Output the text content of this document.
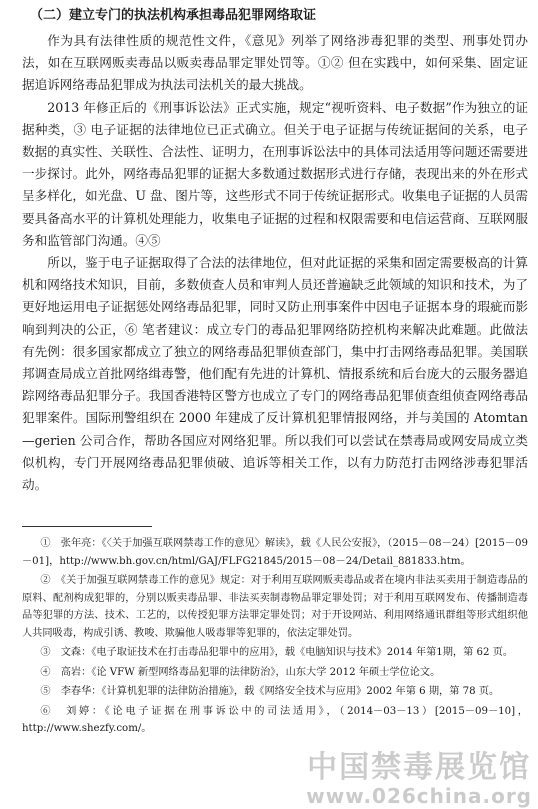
（二）建立专门的执法机构承担毒品犯罪网络取证

作为具有法律性质的规范性文件，《意见》列举了网络涉毒犯罪的类型、刑事处罚办法，如在互联网贩卖毒品以贩卖毒品罪定罪处罚等。①② 但在实践中，如何采集、固定证据追诉网络毒品犯罪成为执法司法机关的最大挑战。

2013 年修正后的《刑事诉讼法》正式实施，规定“视听资料、电子数据”作为独立的证据种类，③ 电子证据的法律地位已正式确立。但关于电子证据与传统证据间的关系，电子数据的真实性、关联性、合法性、证明力，在刑事诉讼法中的具体司法适用等问题还需要进一步探讨。此外，网络毒品犯罪的证据大多数通过数据形式进行存储，表现出来的外在形式呈多样化，如光盘、U 盘、图片等，这些形式不同于传统证据形式。收集电子证据的人员需要具备高水平的计算机处理能力，收集电子证据的过程和权限需要和电信运营商、互联网服务和监管部门沟通。④⑤

所以，鉴于电子证据取得了合法的法律地位，但对此证据的采集和固定需要极高的计算机和网络技术知识，目前，多数侦查人员和审判人员还普遍缺乏此领域的知识和技术，为了更好地运用电子证据惩处网络毒品犯罪，同时又防止刑事案件中因电子证据本身的瑕疵而影响到判决的公正，⑥ 笔者建议：成立专门的毒品犯罪网络防控机构来解决此难题。此做法有先例：很多国家都成立了独立的网络毒品犯罪侦查部门，集中打击网络毒品犯罪。美国联邦调查局成立首批网络缉毒警，他们配有先进的计算机、情报系统和后台庞大的云服务器追踪网络毒品犯罪分子。我国香港特区警方也成立了专门的网络毒品犯罪侦查组侦查网络毒品犯罪案件。国际刑警组织在 2000 年建成了反计算机犯罪情报网络，并与美国的 Atomtan—gerien 公司合作，帮助各国应对网络犯罪。所以我们可以尝试在禁毒局或网安局成立类似机构，专门开展网络毒品犯罪侦破、追诉等相关工作，以有力防范打击网络涉毒犯罪活动。

①　张年亮：《〈关于加强互联网禁毒工作的意见〉解读》，载《人民公安报》，（2015－08－24）[2015－09－01]，http://www.bh.gov.cn/html/GAJ/FLFG21845/2015－08－24/Detail_881833.htm。

②　《关于加强互联网禁毒工作的意见》规定：对于利用互联网贩卖毒品或者在境内非法买卖用于制造毒品的原料、配剂构成犯罪的，分别以贩卖毒品罪、非法买卖制毒物品罪定罪处罚；对于利用互联网发布、传播制造毒品等犯罪的方法、技术、工艺的，以传授犯罪方法罪定罪处罚；对于开设网站、利用网络通讯群组等形式组织他人共同吸毒，构成引诱、教唆、欺骗他人吸毒罪等犯罪的，依法定罪处罚。

③　文森：《电子取证技术在打击毒品犯罪中的应用》，载《电脑知识与技术》2014 年第1期，第 62 页。

④　高岩：《论 VFW 新型网络毒品犯罪的法律防治》，山东大学 2012 年硕士学位论文。

⑤　李春华：《计算机犯罪的法律防治措施》，载《网络安全技术与应用》2002 年第 6 期，第 78 页。

⑥　刘婷：《论电子证据在刑事诉讼中的司法适用》，（2014－03－13）[2015－09－10]，http://www.shezfy.com/。

中国禁毒展览馆
www.026china.org
